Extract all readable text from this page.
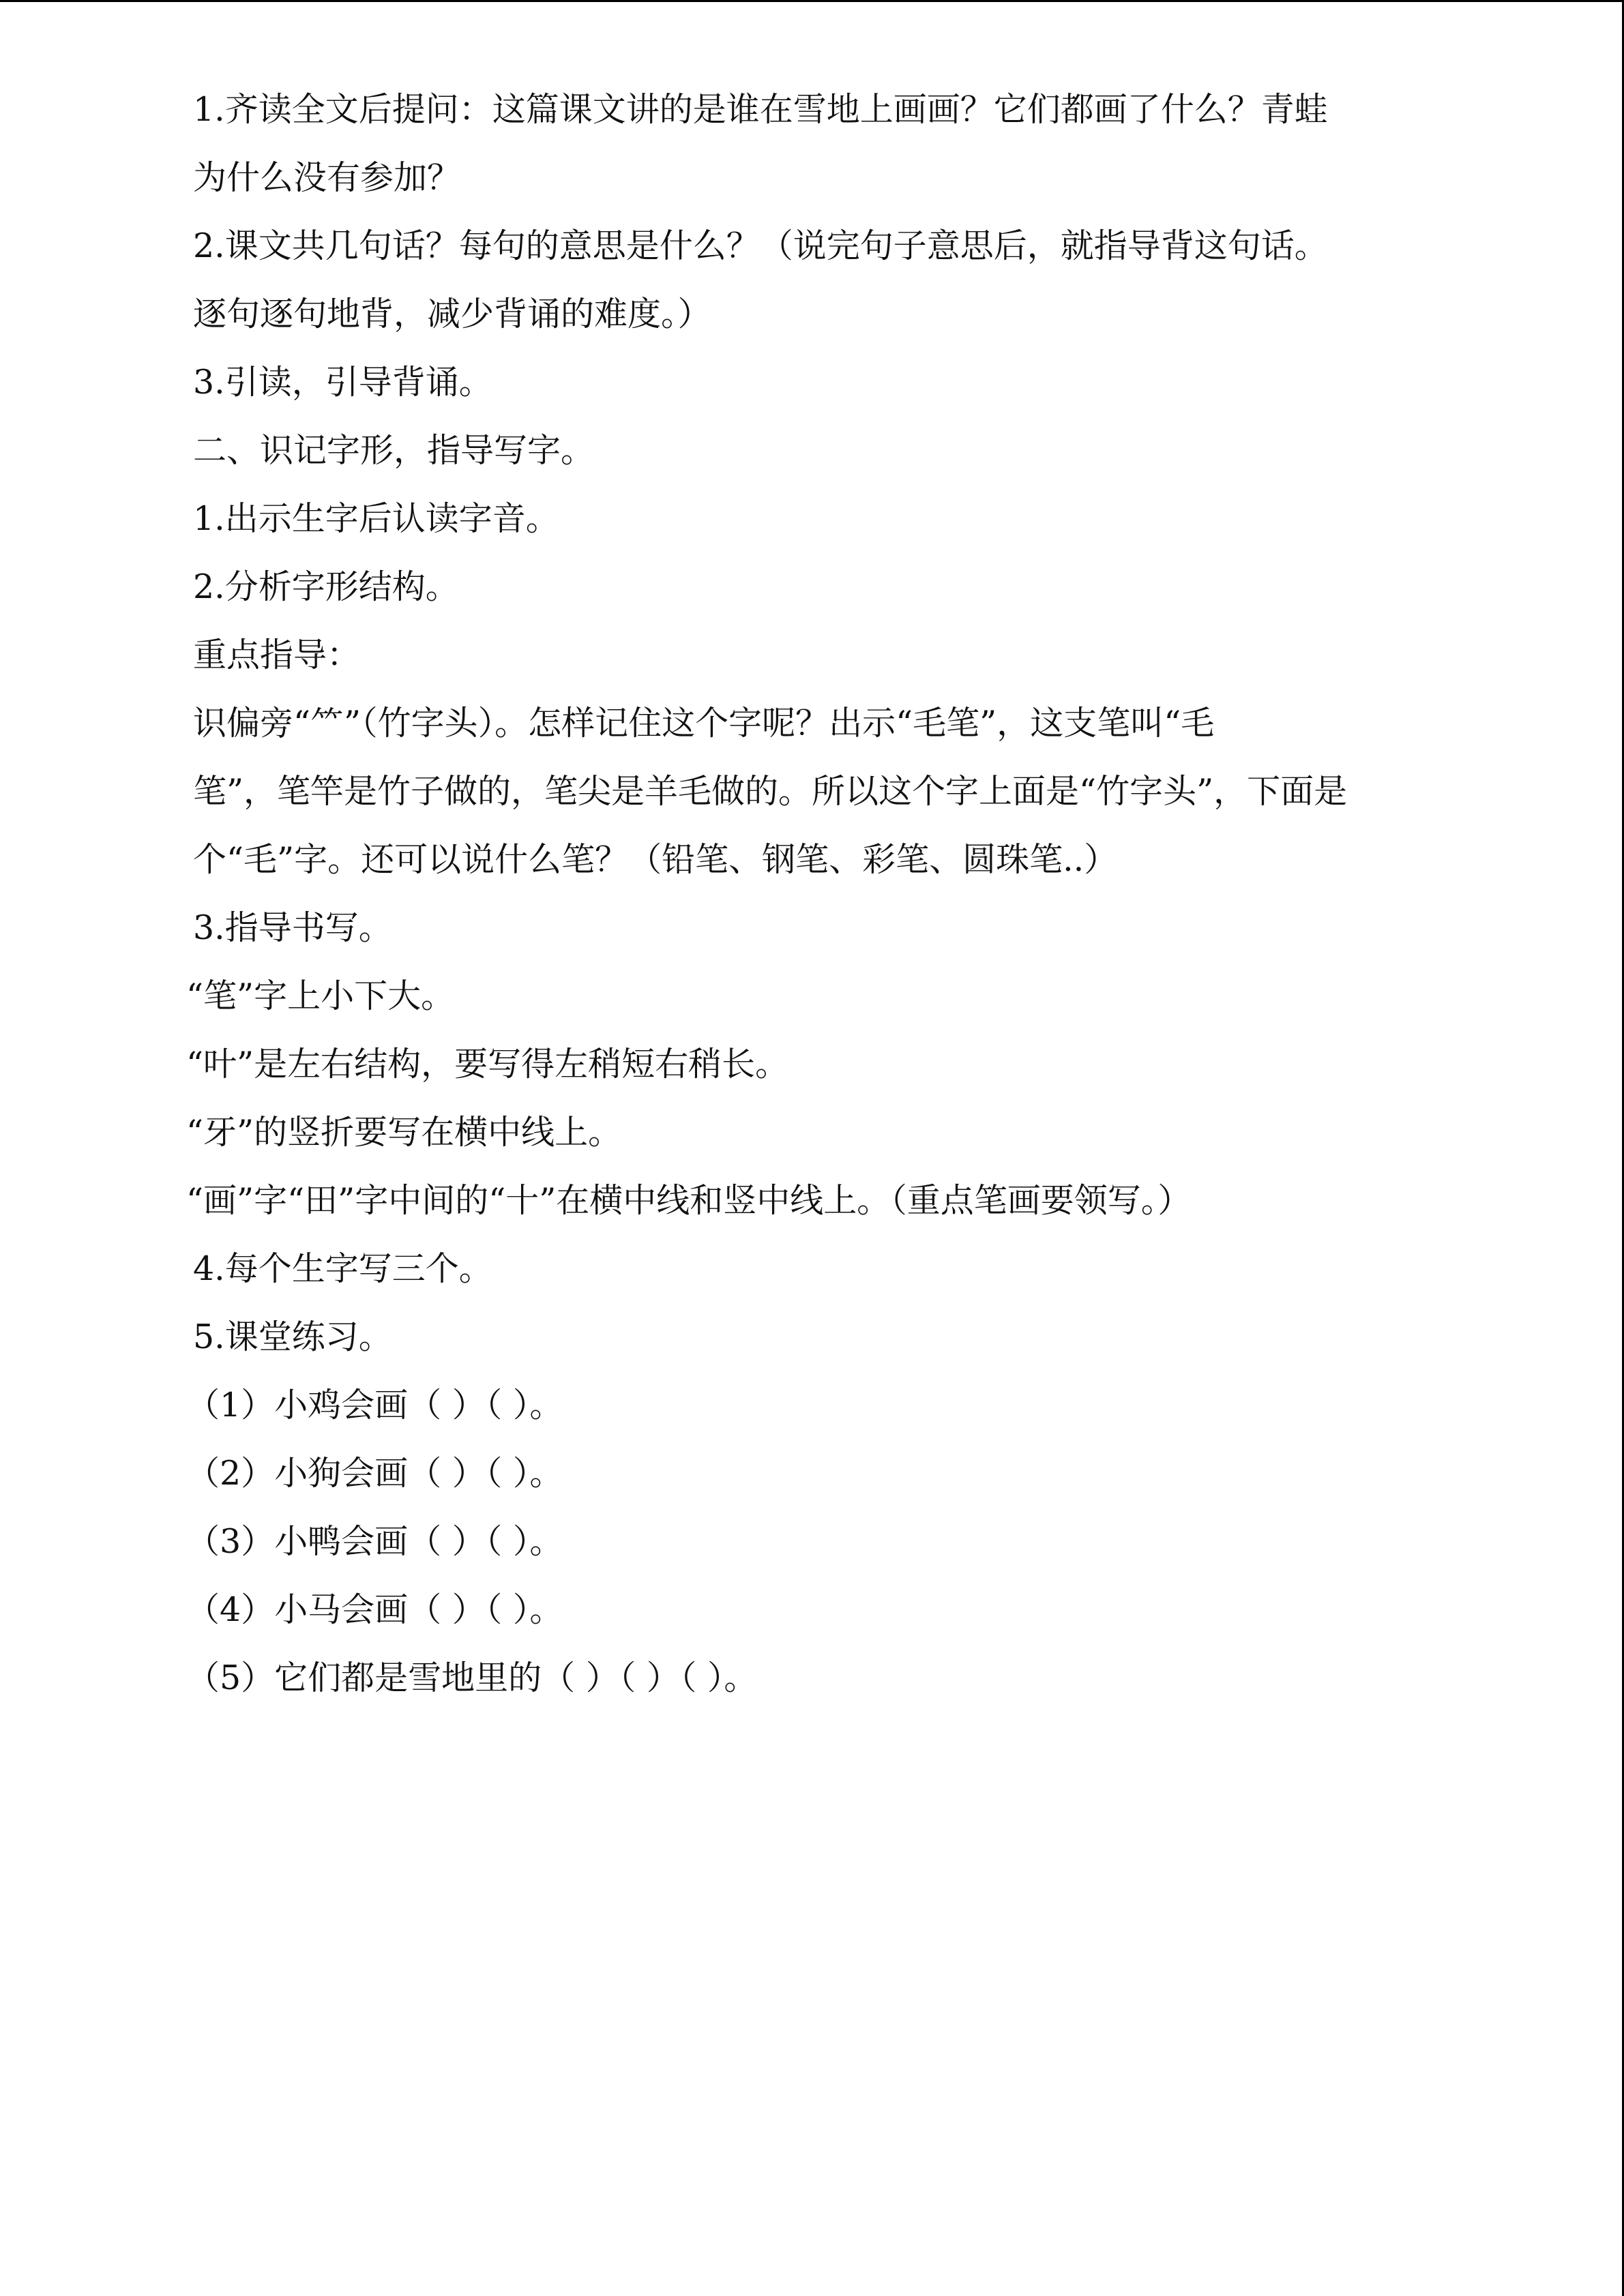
1.齐读全文后提问：这篇课文讲的是谁在雪地上画画？它们都画了什么？青蛙
为什么没有参加？

2.课文共几句话？每句的意思是什么？（说完句子意思后，就指导背这句话。
逐句逐句地背，减少背诵的难度。）

3.引读，引导背诵。

二、识记字形，指导写字。

1.出示生字后认读字音。

2.分析字形结构。

重点指导：

识偏旁“⺮”（竹字头）。怎样记住这个字呢？出示“毛笔”，这支笔叫“毛
笔”，笔竿是竹子做的，笔尖是羊毛做的。所以这个字上面是“竹字头”，下面是
个“毛”字。还可以说什么笔？（铅笔、钢笔、彩笔、圆珠笔..）

3.指导书写。

“笔”字上小下大。

“叶”是左右结构，要写得左稍短右稍长。

“牙”的竖折要写在横中线上。

“画”字“田”字中间的“十”在横中线和竖中线上。（重点笔画要领写。）

4.每个生字写三个。

5.课堂练习。

（1）小鸡会画（ ）（ ）。

（2）小狗会画（ ）（ ）。

（3）小鸭会画（ ）（ ）。

（4）小马会画（ ）（ ）。

（5）它们都是雪地里的（ ）（ ）（ ）。
